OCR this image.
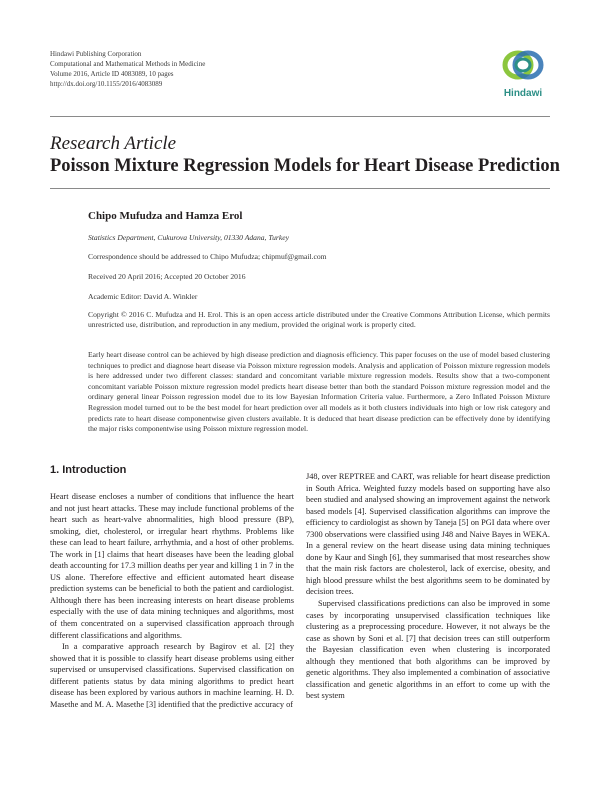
Hindawi Publishing Corporation
Computational and Mathematical Methods in Medicine
Volume 2016, Article ID 4083089, 10 pages
http://dx.doi.org/10.1155/2016/4083089
Hindawi
Research Article
Poisson Mixture Regression Models for Heart Disease Prediction
Chipo Mufudza and Hamza Erol
Statistics Department, Cukurova University, 01330 Adana, Turkey
Correspondence should be addressed to Chipo Mufudza; chipmuf@gmail.com
Received 20 April 2016; Accepted 20 October 2016
Academic Editor: David A. Winkler
Copyright © 2016 C. Mufudza and H. Erol. This is an open access article distributed under the Creative Commons Attribution License, which permits unrestricted use, distribution, and reproduction in any medium, provided the original work is properly cited.
Early heart disease control can be achieved by high disease prediction and diagnosis efficiency. This paper focuses on the use of model based clustering techniques to predict and diagnose heart disease via Poisson mixture regression models. Analysis and application of Poisson mixture regression models is here addressed under two different classes: standard and concomitant variable mixture regression models. Results show that a two-component concomitant variable Poisson mixture regression model predicts heart disease better than both the standard Poisson mixture regression model and the ordinary general linear Poisson regression model due to its low Bayesian Information Criteria value. Furthermore, a Zero Inflated Poisson Mixture Regression model turned out to be the best model for heart prediction over all models as it both clusters individuals into high or low risk category and predicts rate to heart disease componentwise given clusters available. It is deduced that heart disease prediction can be effectively done by identifying the major risks componentwise using Poisson mixture regression model.
1. Introduction

Heart disease encloses a number of conditions that influence the heart and not just heart attacks. These may include functional problems of the heart such as heart-valve abnormalities, high blood pressure (BP), smoking, diet, cholesterol, or irregular heart rhythms. Problems like these can lead to heart failure, arrhythmia, and a host of other problems. The work in [1] claims that heart diseases have been the leading global death accounting for 17.3 million deaths per year and killing 1 in 7 in the US alone. Therefore effective and efficient automated heart disease prediction systems can be beneficial to both the patient and cardiologist. Although there has been increasing interests on heart disease problems especially with the use of data mining techniques and algorithms, most of them concentrated on a supervised classification approach through different classifications and algorithms.

In a comparative approach research by Bagirov et al. [2] they showed that it is possible to classify heart disease problems using either supervised or unsupervised classifications. Supervised classification on different patients status by data mining algorithms to predict heart disease has been explored by various authors in machine learning. H. D. Masethe and M. A. Masethe [3] identified that the predictive accuracy of

J48, over REPTREE and CART, was reliable for heart disease prediction in South Africa. Weighted fuzzy models based on supporting have also been studied and analysed showing an improvement against the network based models [4]. Supervised classification algorithms can improve the efficiency to cardiologist as shown by Taneja [5] on PGI data where over 7300 observations were classified using J48 and Naive Bayes in WEKA. In a general review on the heart disease using data mining techniques done by Kaur and Singh [6], they summarised that most researches show that the main risk factors are cholesterol, lack of exercise, obesity, and high blood pressure whilst the best algorithms seem to be dominated by decision trees.

Supervised classifications predictions can also be improved in some cases by incorporating unsupervised classification techniques like clustering as a preprocessing procedure. However, it not always be the case as shown by Soni et al. [7] that decision trees can still outperform the Bayesian classification even when clustering is incorporated although they mentioned that both algorithms can be improved by genetic algorithms. They also implemented a combination of associative classification and genetic algorithms in an effort to come up with the best system
